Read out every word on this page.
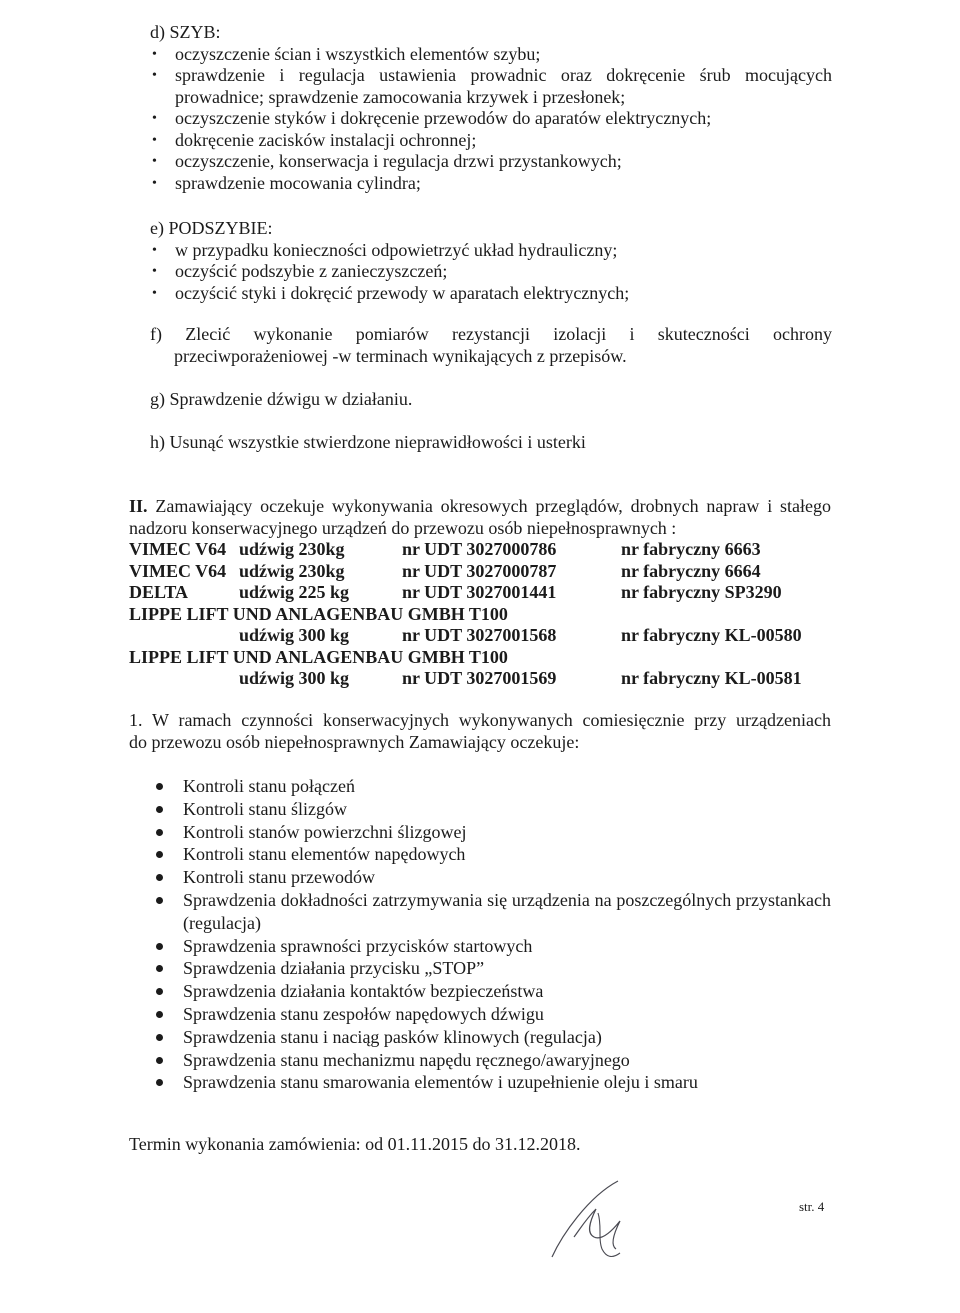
d) SZYB:

• oczyszczenie ścian i wszystkich elementów szybu;
• sprawdzenie i regulacja ustawienia prowadnic oraz dokręcenie śrub mocujących prowadnice; sprawdzenie zamocowania krzywek i przesłonek;
• oczyszczenie styków i dokręcenie przewodów do aparatów elektrycznych;
• dokręcenie zacisków instalacji ochronnej;
• oczyszczenie, konserwacja i regulacja drzwi przystankowych;
• sprawdzenie mocowania cylindra;

e) PODSZYBIE:

• w przypadku konieczności odpowietrzyć układ hydrauliczny;
• oczyścić podszybie z zanieczyszczeń;
• oczyścić styki i dokręcić przewody w aparatach elektrycznych;

f) Zlecić wykonanie pomiarów rezystancji izolacji i skuteczności ochrony

przeciwporażeniowej -w terminach wynikających z przepisów.

g) Sprawdzenie dźwigu w działaniu.

h) Usunąć wszystkie stwierdzone nieprawidłowości i usterki

II. Zamawiający oczekuje wykonywania okresowych przeglądów, drobnych napraw i stałego nadzoru konserwacyjnego urządzeń do przewozu osób niepełnosprawnych :

VIMEC V64 udźwig 230kg	nr UDT 3027000786	nr fabryczny 6663
VIMEC V64 udźwig 230kg	nr UDT 3027000787	nr fabryczny 6664
DELTA	udźwig 225 kg	nr UDT 3027001441	nr fabryczny SP3290
LIPPE LIFT UND ANLAGENBAU GMBH T100
udźwig 300 kg	nr UDT 3027001568	nr fabryczny KL-00580
LIPPE LIFT UND ANLAGENBAU GMBH T100
udźwig 300 kg	nr UDT 3027001569	nr fabryczny KL-00581

1. W ramach czynności konserwacyjnych wykonywanych comiesięcznie przy urządzeniach

do przewozu osób niepełnosprawnych Zamawiający oczekuje:

Kontroli stanu połączeń
Kontroli stanu ślizgów
Kontroli stanów powierzchni ślizgowej
Kontroli stanu elementów napędowych
Kontroli stanu przewodów
Sprawdzenia dokładności zatrzymywania się urządzenia na poszczególnych przystankach (regulacja)
Sprawdzenia sprawności przycisków startowych
Sprawdzenia działania przycisku „STOP”
Sprawdzenia działania kontaktów bezpieczeństwa
Sprawdzenia stanu zespołów napędowych dźwigu
Sprawdzenia stanu i naciąg pasków klinowych (regulacja)
Sprawdzenia stanu mechanizmu napędu ręcznego/awaryjnego
Sprawdzenia stanu smarowania elementów i uzupełnienie oleju i smaru

Termin wykonania zamówienia: od 01.11.2015 do 31.12.2018.

str. 4
